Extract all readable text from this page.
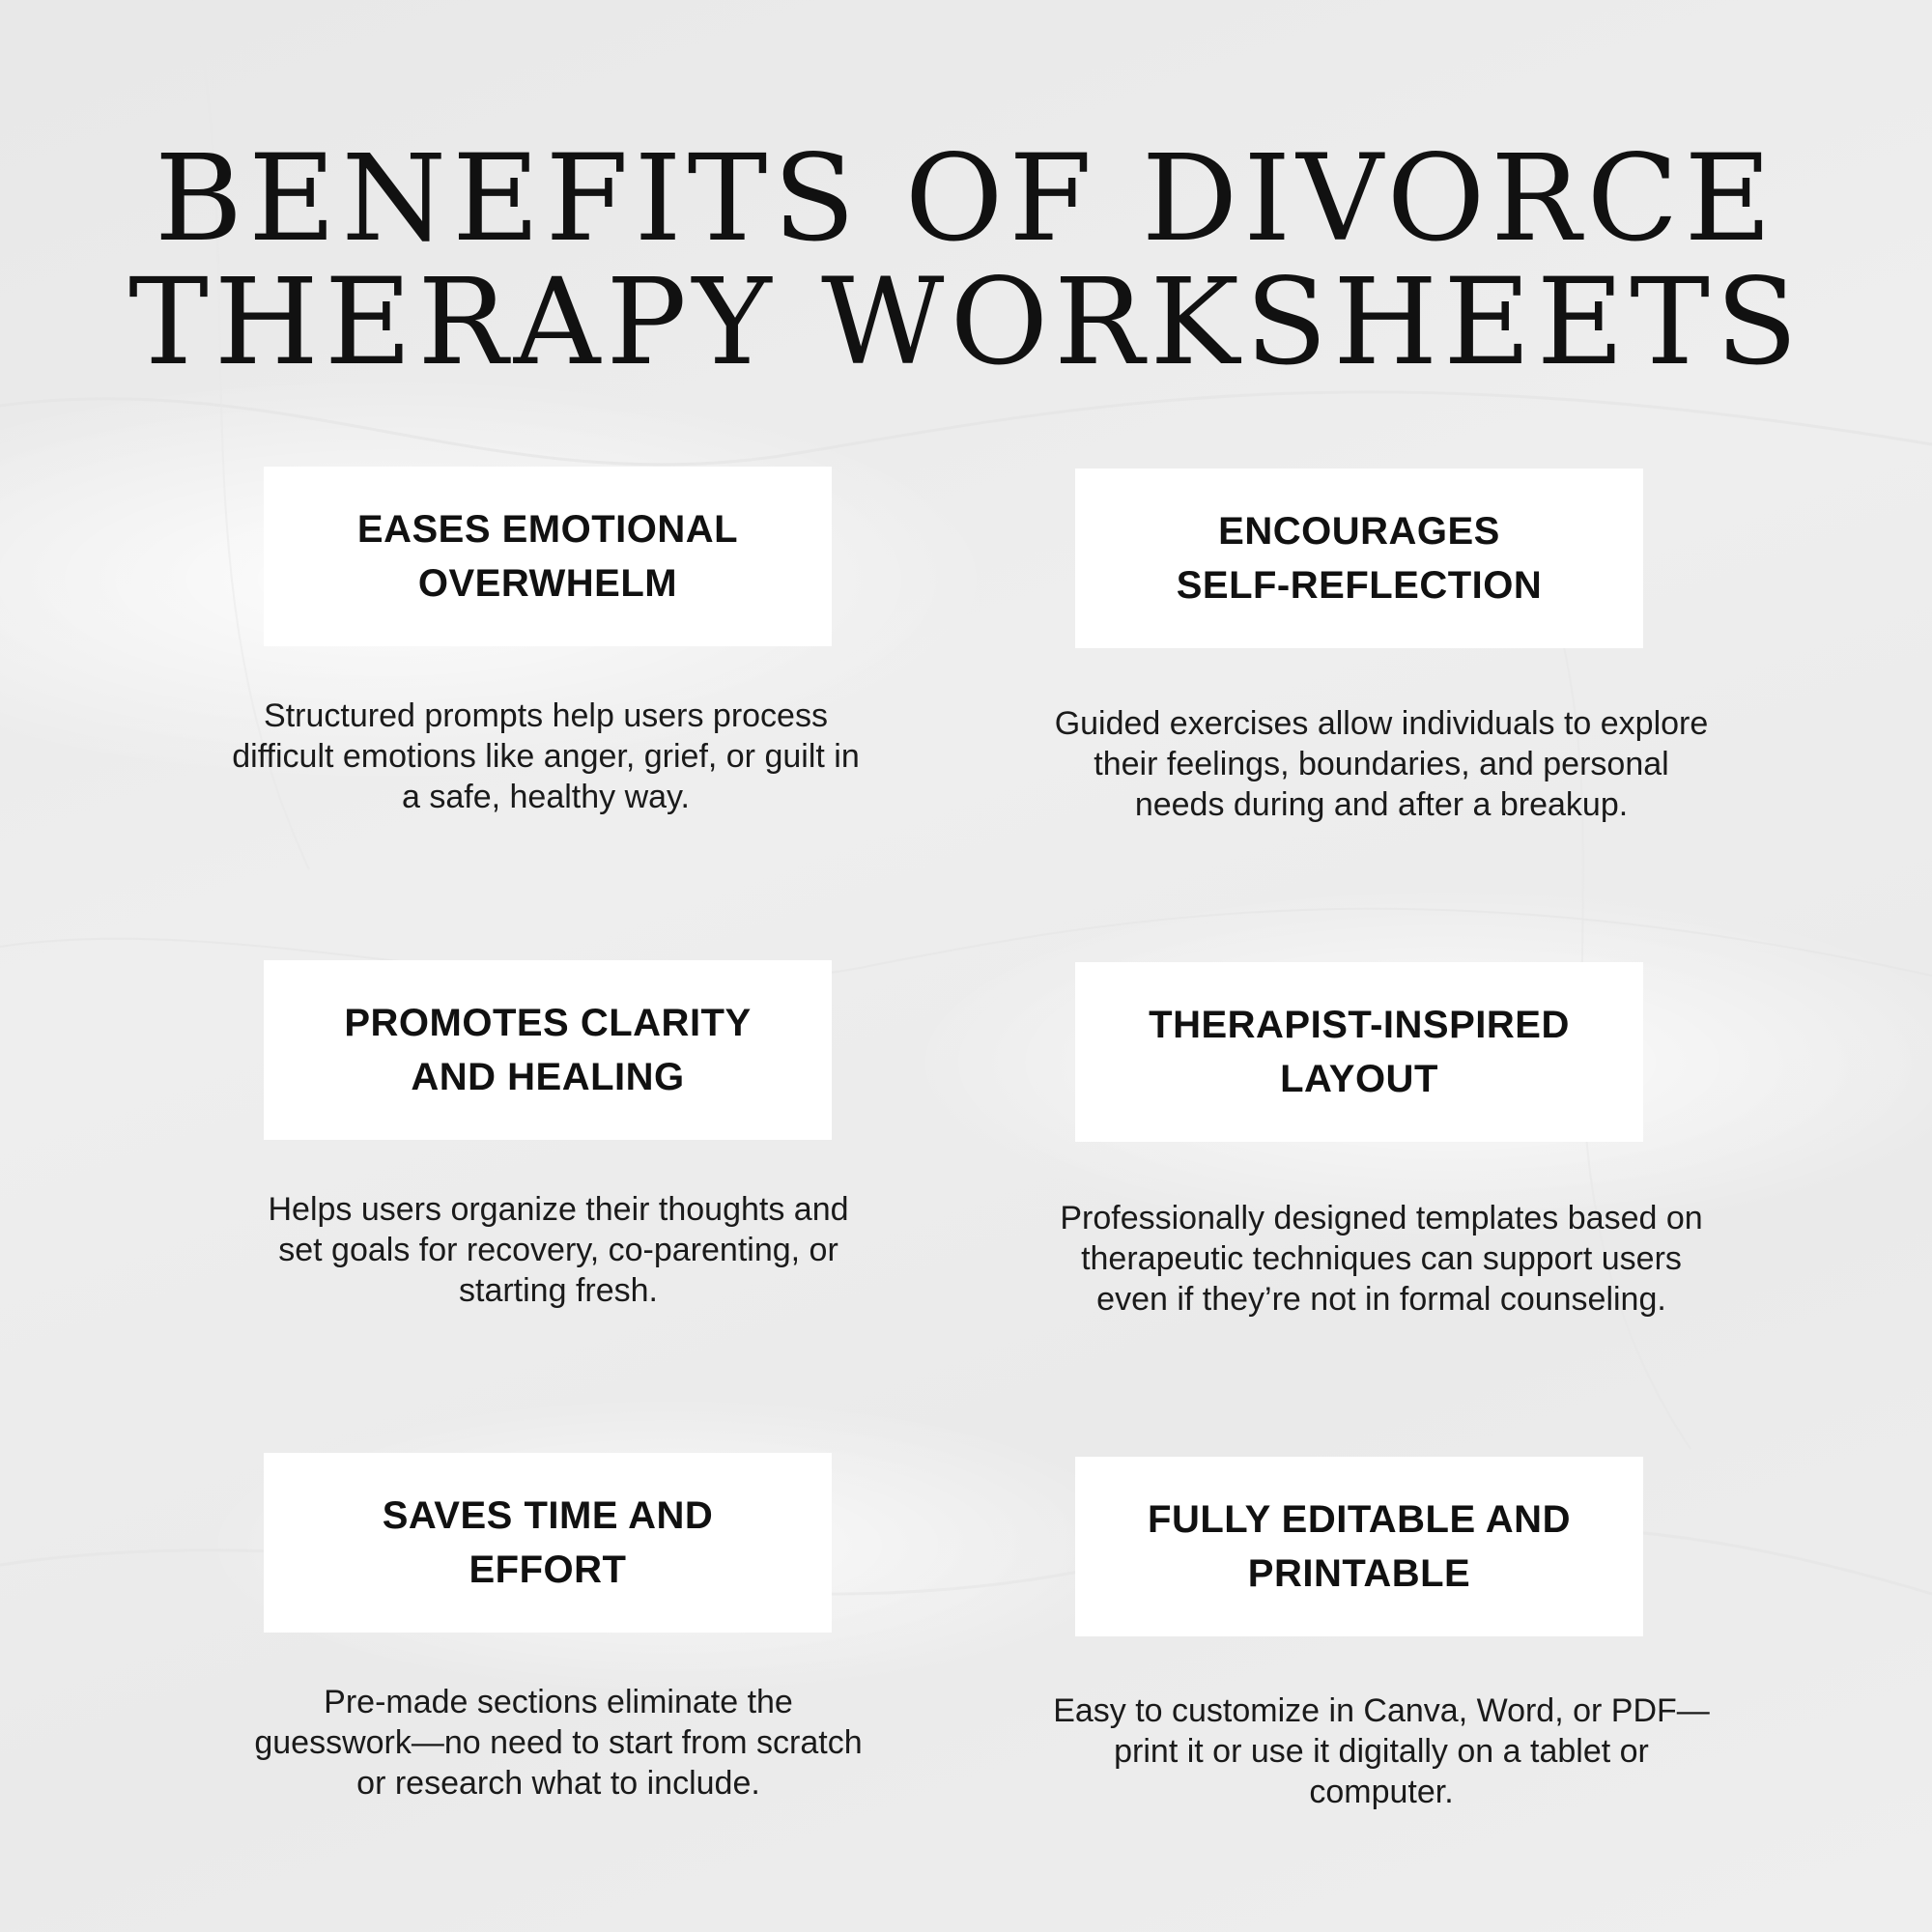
BENEFITS OF DIVORCE
THERAPY WORKSHEETS
EASES EMOTIONAL
OVERWHELM

Structured prompts help users process
difficult emotions like anger, grief, or guilt in
a safe, healthy way.

ENCOURAGES
SELF-REFLECTION

Guided exercises allow individuals to explore
their feelings, boundaries, and personal
needs during and after a breakup.

PROMOTES CLARITY
AND HEALING

Helps users organize their thoughts and
set goals for recovery, co-parenting, or
starting fresh.

THERAPIST-INSPIRED
LAYOUT

Professionally designed templates based on
therapeutic techniques can support users
even if they’re not in formal counseling.

SAVES TIME AND
EFFORT

Pre-made sections eliminate the
guesswork—no need to start from scratch
or research what to include.

FULLY EDITABLE AND
PRINTABLE

Easy to customize in Canva, Word, or PDF—
print it or use it digitally on a tablet or
computer.
